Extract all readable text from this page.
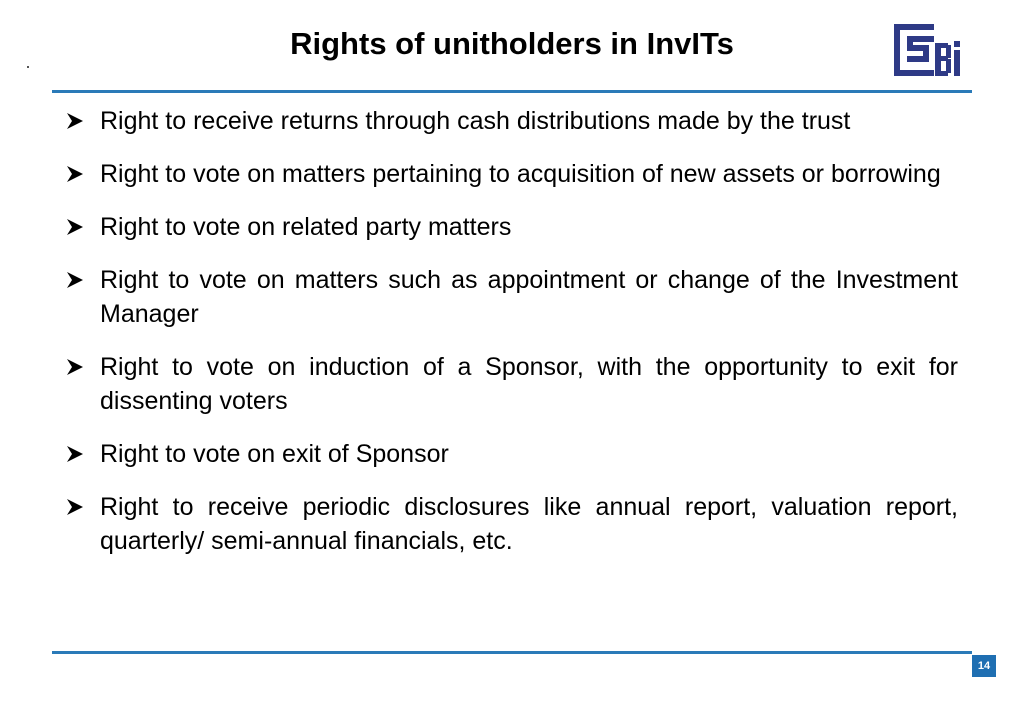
Rights of unitholders in InvITs
Right to receive returns through cash distributions made by the trust
Right to vote on matters pertaining to acquisition of new assets or borrowing
Right to vote on related party matters
Right to vote on matters such as appointment or change of the Investment Manager
Right to vote on induction of a Sponsor, with the opportunity to exit for dissenting voters
Right to vote on exit of Sponsor
Right to receive periodic disclosures like annual report, valuation report, quarterly/ semi-annual financials, etc.
14
